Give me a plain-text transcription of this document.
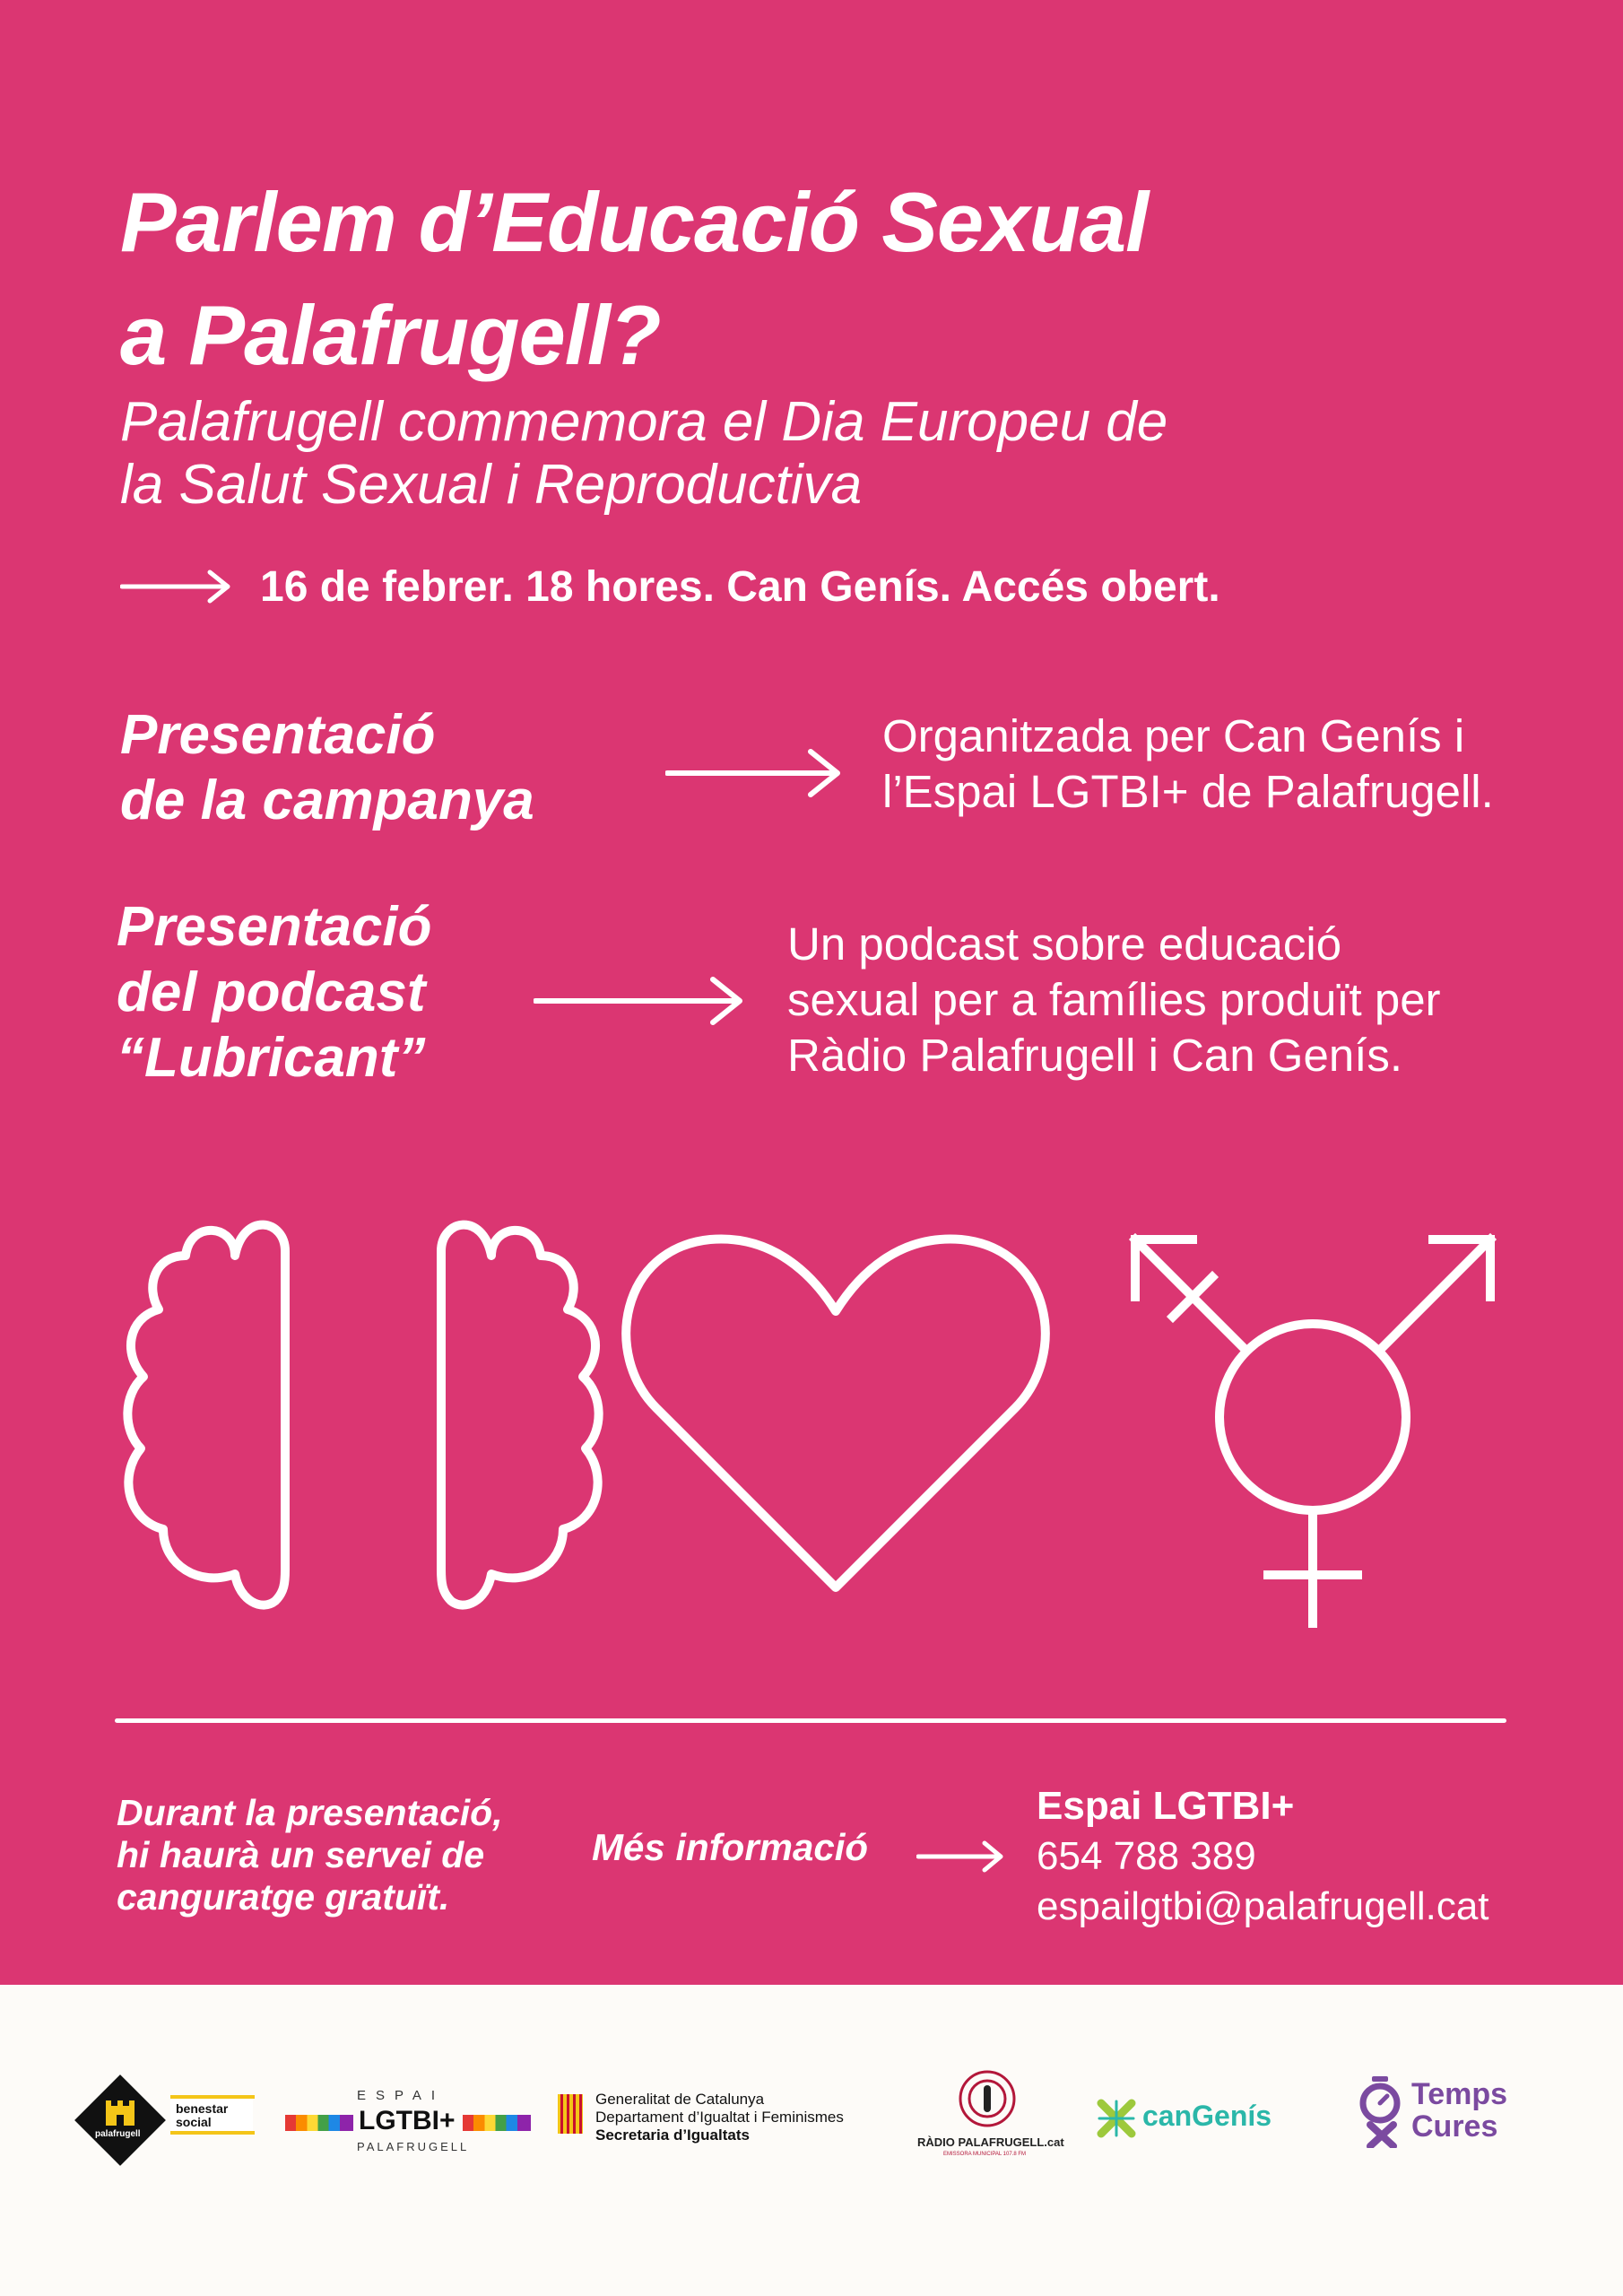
Parlem d’Educació Sexual
a Palafrugell?
Palafrugell commemora el Dia Europeu de
la Salut Sexual i Reproductiva
16 de febrer. 18 hores. Can Genís. Accés obert.
Presentació
de la campanya
Organitzada per Can Genís i
l’Espai LGTBI+ de Palafrugell.
Presentació
del podcast
“Lubricant”
Un podcast sobre educació
sexual per a famílies produït per
Ràdio Palafrugell i Can Genís.
Durant la presentació,
hi haurà un servei de
canguratge gratuït.
Més informació
Espai LGTBI+
654 788 389
espailgtbi@palafrugell.cat
palafrugell
benestar
social
ESPAI
LGTBI+
PALAFRUGELL
Generalitat de Catalunya
Departament d’Igualtat i Feminismes
Secretaria d’Igualtats	RÀDIO PALAFRUGELL.cat
EMISSORA MUNICIPAL 107.8 FM
canGenís
Temps
Cures
